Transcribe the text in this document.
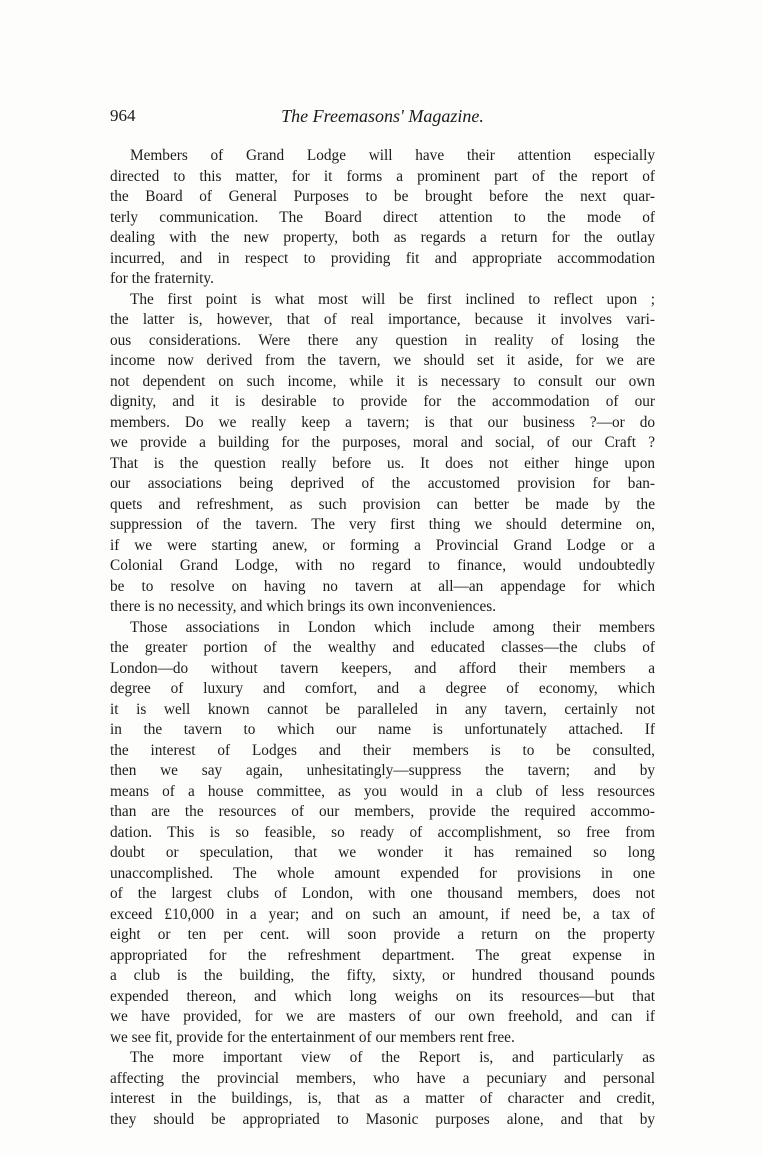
964	The Freemasons' Magazine.
Members of Grand Lodge will have their attention especially
directed to this matter, for it forms a prominent part of the report of
the Board of General Purposes to be brought before the next quar-
terly communication. The Board direct attention to the mode of
dealing with the new property, both as regards a return for the outlay
incurred, and in respect to providing fit and appropriate accommodation
for the fraternity.
The first point is what most will be first inclined to reflect upon ;
the latter is, however, that of real importance, because it involves vari-
ous considerations. Were there any question in reality of losing the
income now derived from the tavern, we should set it aside, for we are
not dependent on such income, while it is necessary to consult our own
dignity, and it is desirable to provide for the accommodation of our
members. Do we really keep a tavern; is that our business ?—or do
we provide a building for the purposes, moral and social, of our Craft ?
That is the question really before us. It does not either hinge upon
our associations being deprived of the accustomed provision for ban-
quets and refreshment, as such provision can better be made by the
suppression of the tavern. The very first thing we should determine on,
if we were starting anew, or forming a Provincial Grand Lodge or a
Colonial Grand Lodge, with no regard to finance, would undoubtedly
be to resolve on having no tavern at all—an appendage for which
there is no necessity, and which brings its own inconveniences.
Those associations in London which include among their members
the greater portion of the wealthy and educated classes—the clubs of
London—do without tavern keepers, and afford their members a
degree of luxury and comfort, and a degree of economy, which
it is well known cannot be paralleled in any tavern, certainly not
in the tavern to which our name is unfortunately attached. If
the interest of Lodges and their members is to be consulted,
then we say again, unhesitatingly—suppress the tavern; and by
means of a house committee, as you would in a club of less resources
than are the resources of our members, provide the required accommo-
dation. This is so feasible, so ready of accomplishment, so free from
doubt or speculation, that we wonder it has remained so long
unaccomplished. The whole amount expended for provisions in one
of the largest clubs of London, with one thousand members, does not
exceed £10,000 in a year; and on such an amount, if need be, a tax of
eight or ten per cent. will soon provide a return on the property
appropriated for the refreshment department. The great expense in
a club is the building, the fifty, sixty, or hundred thousand pounds
expended thereon, and which long weighs on its resources—but that
we have provided, for we are masters of our own freehold, and can if
we see fit, provide for the entertainment of our members rent free.
The more important view of the Report is, and particularly as
affecting the provincial members, who have a pecuniary and personal
interest in the buildings, is, that as a matter of character and credit,
they should be appropriated to Masonic purposes alone, and that by
